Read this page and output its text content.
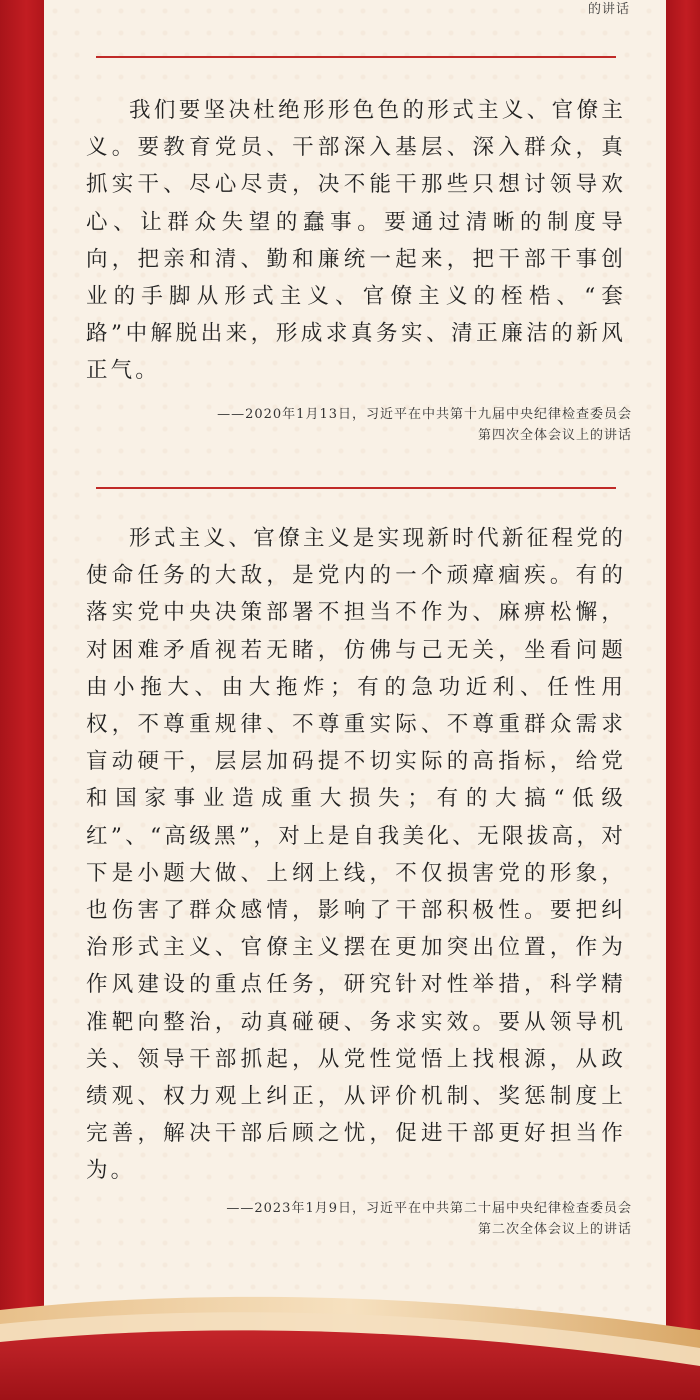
的讲话

我们要坚决杜绝形形色色的形式主义、官僚主义。要教育党员、干部深入基层、深入群众，真抓实干、尽心尽责，决不能干那些只想讨领导欢心、让群众失望的蠢事。要通过清晰的制度导向，把亲和清、勤和廉统一起来，把干部干事创业的手脚从形式主义、官僚主义的桎梏、“套路”中解脱出来，形成求真务实、清正廉洁的新风正气。

——2020年1月13日，习近平在中共第十九届中央纪律检查委员会
第四次全体会议上的讲话

形式主义、官僚主义是实现新时代新征程党的使命任务的大敌，是党内的一个顽瘴痼疾。有的落实党中央决策部署不担当不作为、麻痹松懈，对困难矛盾视若无睹，仿佛与己无关，坐看问题由小拖大、由大拖炸；有的急功近利、任性用权，不尊重规律、不尊重实际、不尊重群众需求盲动硬干，层层加码提不切实际的高指标，给党和国家事业造成重大损失；有的大搞“低级红”、“高级黑”，对上是自我美化、无限拔高，对下是小题大做、上纲上线，不仅损害党的形象，也伤害了群众感情，影响了干部积极性。要把纠治形式主义、官僚主义摆在更加突出位置，作为作风建设的重点任务，研究针对性举措，科学精准靶向整治，动真碰硬、务求实效。要从领导机关、领导干部抓起，从党性觉悟上找根源，从政绩观、权力观上纠正，从评价机制、奖惩制度上完善，解决干部后顾之忧，促进干部更好担当作为。

——2023年1月9日，习近平在中共第二十届中央纪律检查委员会
第二次全体会议上的讲话
